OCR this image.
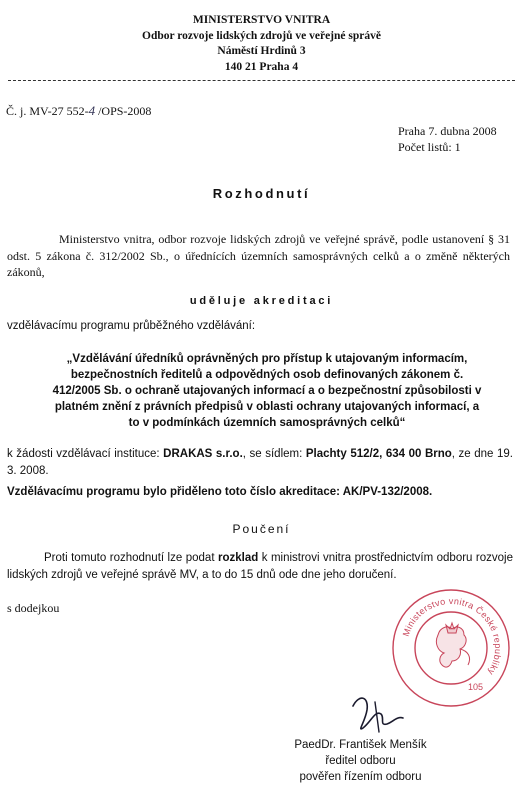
MINISTERSTVO VNITRA
Odbor rozvoje lidských zdrojů ve veřejné správě
Náměstí Hrdinů 3
140 21 Praha 4
Č. j. MV-27 552-4 /OPS-2008
Praha 7. dubna 2008
Počet listů: 1
Rozhodnutí
Ministerstvo vnitra, odbor rozvoje lidských zdrojů ve veřejné správě, podle ustanovení § 31 odst. 5 zákona č. 312/2002 Sb., o úřednících územních samosprávných celků a o změně některých zákonů,
uděluje akreditaci
vzdělávacímu programu průběžného vzdělávání:
„Vzdělávání úředníků oprávněných pro přístup k utajovaným informacím, bezpečnostních ředitelů a odpovědných osob definovaných zákonem č. 412/2005 Sb. o ochraně utajovaných informací a o bezpečnostní způsobilosti v platném znění z právních předpisů v oblasti ochrany utajovaných informací, a to v podmínkách územních samosprávných celků“
k žádosti vzdělávací instituce: DRAKAS s.r.o., se sídlem: Plachty 512/2, 634 00 Brno, ze dne 19. 3. 2008.
Vzdělávacímu programu bylo přiděleno toto číslo akreditace: AK/PV-132/2008.
Poučení
Proti tomuto rozhodnutí lze podat rozklad k ministrovi vnitra prostřednictvím odboru rozvoje lidských zdrojů ve veřejné správě MV, a to do 15 dnů ode dne jeho doručení.
s dodejkou
Ministerstvo vnitra České republiky
105
PaedDr. František Menšík
ředitel odboru
pověřen řízením odboru
